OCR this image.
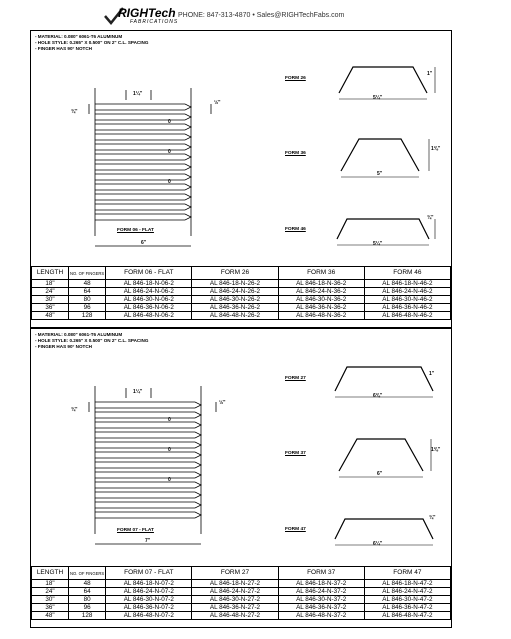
RIGHTech
FABRICATIONS
PHONE: 847-313-4870 • Sales@RIGHTechFabs.com
- MATERIAL: 0.080" 6061-T6 ALUMINUM
- HOLE STYLE: 0.265" X 0.500" ON 2" C.L. SPACING
- FINGER HAS 90° NOTCH
1¼"
½"
¾"
0
0
0
6"
FORM 06 - FLAT
FORM 26
1"
5¼"
FORM 36
1⅜"
5"
FORM 46
¾"
5¼"
LENGTH	NO. OF FINGERS	FORM 06 - FLAT	FORM 26	FORM 36	FORM 46
18"	48	AL 846-18-N-06-2	AL 846-18-N-26-2	AL 846-18-N-36-2	AL 846-18-N-46-2
24"	64	AL 846-24-N-06-2	AL 846-24-N-26-2	AL 846-24-N-36-2	AL 846-24-N-46-2
30"	80	AL 846-30-N-06-2	AL 846-30-N-26-2	AL 846-30-N-36-2	AL 846-30-N-46-2
36"	96	AL 846-36-N-06-2	AL 846-36-N-26-2	AL 846-36-N-36-2	AL 846-36-N-46-2
48"	128	AL 846-48-N-06-2	AL 846-48-N-26-2	AL 846-48-N-36-2	AL 846-48-N-46-2
- MATERIAL: 0.080" 6061-T6 ALUMINUM
- HOLE STYLE: 0.265" X 0.500" ON 2" C.L. SPACING
- FINGER HAS 90° NOTCH
1¼"
½"
¾"
0
0
0
7"
FORM 07 - FLAT
FORM 27
1"
6⅜"
FORM 37
1⅜"
6"
FORM 47
¾"
6¼"
LENGTH	NO. OF FINGERS	FORM 07 - FLAT	FORM 27	FORM 37	FORM 47
18"	48	AL 846-18-N-07-2	AL 846-18-N-27-2	AL 846-18-N-37-2	AL 846-18-N-47-2
24"	64	AL 846-24-N-07-2	AL 846-24-N-27-2	AL 846-24-N-37-2	AL 846-24-N-47-2
30"	80	AL 846-30-N-07-2	AL 846-30-N-27-2	AL 846-30-N-37-2	AL 846-30-N-47-2
36"	96	AL 846-36-N-07-2	AL 846-36-N-27-2	AL 846-36-N-37-2	AL 846-36-N-47-2
48"	128	AL 846-48-N-07-2	AL 846-48-N-27-2	AL 846-48-N-37-2	AL 846-48-N-47-2
